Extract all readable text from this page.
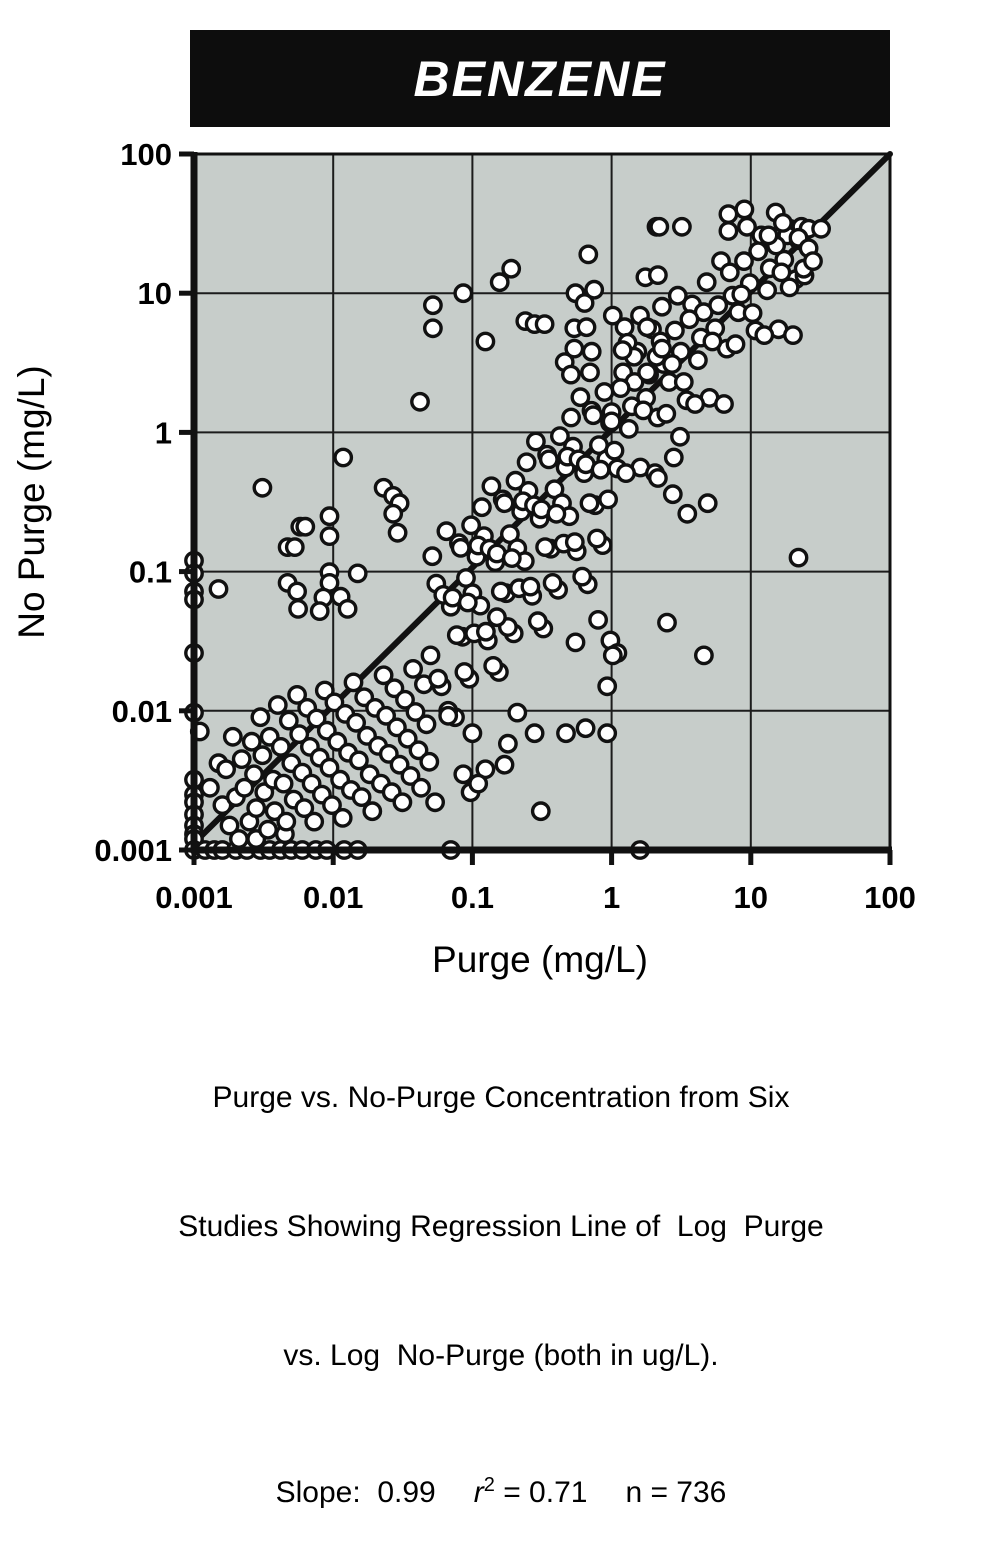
0.001 0.01	0.1	1	10	100
100
10
1
0.1
0.01
0.001
No Purge (mg/L)
Purge (mg/L)
BENZENE

Purge vs. No-Purge Concentration from Six

Studies Showing Regression Line of  Log  Purge

vs. Log  No-Purge (both in ug/L).

Slope:  0.99 $r^2 = 0.71$ n = 736
